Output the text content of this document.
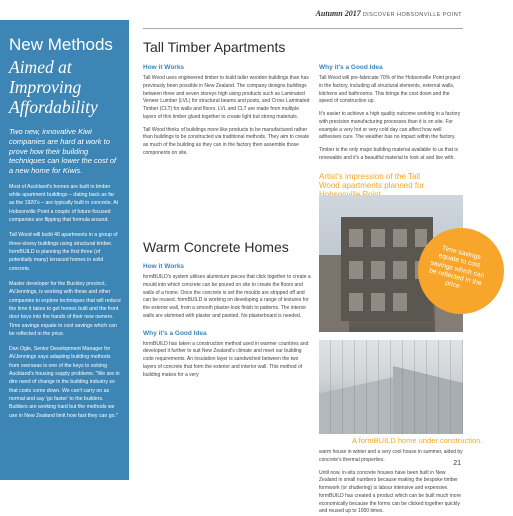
Autumn 2017 DISCOVER HOBSONVILLE POINT
New Methods
Aimed at
Improving
Affordability
Two new, innovative Kiwi companies are hard at work to prove how their building techniques can lower the cost of a new home for Kiwis.
Most of Auckland's homes are built in timber while apartment buildings – dating back as far as the 1920's – are typically built in concrete. At Hobsonville Point a couple of future-focused companies are flipping that formula around.
Tall Wood will build 40 apartments in a group of three-storey buildings using structural timber. formBUILD is planning the first three (of potentially many) terraced homes in solid concrete.
Master developer for the Buckley precinct, AVJennings, is working with these and other companies to explore techniques that will reduce the time it takes to get homes built and the front door keys into the hands of their new owners. Time savings equate to cost savings which can be reflected in the price.
Dan Ogle, Senior Development Manager for AVJennings says adapting building methods from overseas is one of the keys to solving Auckland's housing supply problems. "We are in dire need of change in the building industry so that costs come down. We can't carry on as normal and say 'go faster' to the builders. Builders are working hard but the methods we use in New Zealand limit how fast they can go."
Tall Timber Apartments
How it Works
Tall Wood uses engineered timber to build taller wooden buildings than has previously been possible in New Zealand. The company designs buildings between three and seven storeys high using products such as Laminated Veneer Lumber (LVL) for structural beams and posts, and Cross Laminated Timber (CLT) for walls and floors. LVL and CLT are made from multiple layers of thin timber glued together to create light but strong materials.
Tall Wood thinks of buildings more like products to be manufactured rather than buildings to be constructed via traditional methods. They aim to create as much of the building as they can in the factory then assemble those components on site.
Why it's a Good Idea
Tall Wood will pre-fabricate 70% of the Hobsonville Point project in the factory, including all structural elements, external walls, kitchens and bathrooms. This brings the cost down and the speed of construction up.
It's easier to achieve a high quality outcome working in a factory with precision manufacturing processes than it is on site. For example a very hot or very cold day can affect how well adhesives cure. The weather has no impact within the factory.
Timber is the only major building material available to us that is renewable and it's a beautiful material to look at and live with.
Artist's impression of the Tall Wood apartments planned for
Time savings equate to cost savings which can be reflected in the price.
Warm Concrete Homes
How it Works
formBUILD's system utilises aluminium pieces that click together to create a mould into which concrete can be poured on site to create the floors and walls of a home. Once the concrete is set the moulds are stripped off and can be reused. formBUILD is working on developing a range of textures for the exterior wall, from a smooth plaster-look finish to patterns. The interior walls are skimmed with plaster and painted. No plasterboard is needed.
Why it's a Good Idea
formBUILD has taken a construction method used in warmer countries and developed it further to suit New Zealand's climate and meet our building code requirements. An insulation layer is sandwiched between the two layers of concrete that form the exterior and interior wall. This method of building makes for a very
A formBUILD home under construction.
warm house in winter and a very cool house in summer, aided by concrete's thermal properties.
Until now, in-situ concrete houses have been built in New Zealand in small numbers because making the bespoke timber formwork (or shuttering) is labour intensive and expensive. formBUILD has created a product which can be built much more economically because the forms can be clicked together quickly and reused up to 1000 times.
21
